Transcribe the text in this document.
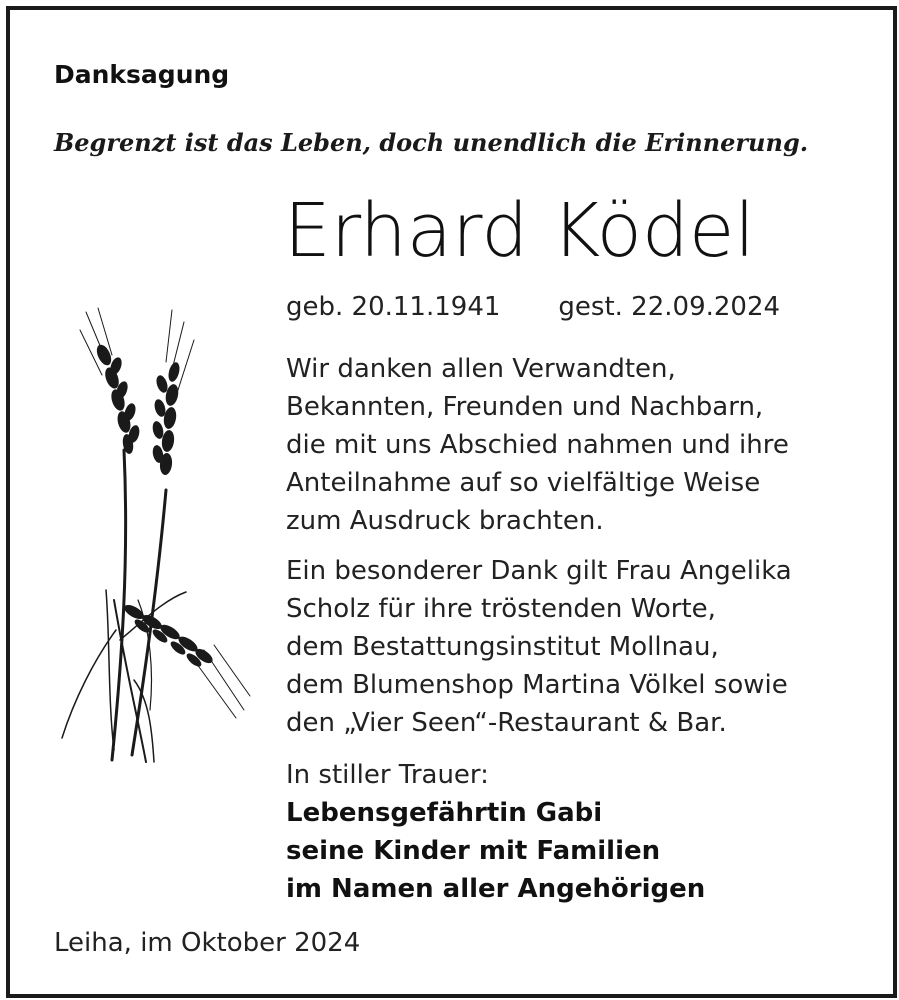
Danksagung
Begrenzt ist das Leben, doch unendlich die Erinnerung.
Erhard Ködel
geb. 20.11.1941 gest. 22.09.2024
Wir danken allen Verwandten,
Bekannten, Freunden und Nachbarn,
die mit uns Abschied nahmen und ihre
Anteilnahme auf so vielfältige Weise
zum Ausdruck brachten.
Ein besonderer Dank gilt Frau Angelika
Scholz für ihre tröstenden Worte,
dem Bestattungsinstitut Mollnau,
dem Blumenshop Martina Völkel sowie
den „Vier Seen“-Restaurant & Bar.
In stiller Trauer:
Lebensgefährtin Gabi
seine Kinder mit Familien
im Namen aller Angehörigen
Leiha, im Oktober 2024
